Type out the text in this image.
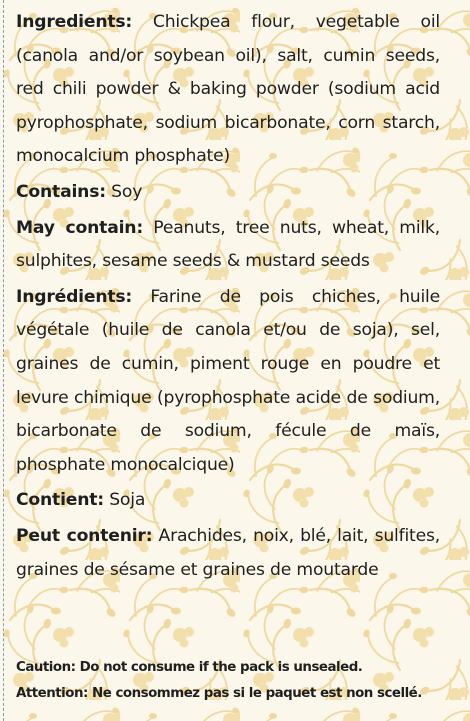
Ingredients: Chickpea flour, vegetable oil (canola and/or soybean oil), salt, cumin seeds, red chili powder & baking powder (sodium acid pyrophosphate, sodium bicarbonate, corn starch, monocalcium phosphate)

Contains: Soy

May contain: Peanuts, tree nuts, wheat, milk, sulphites, sesame seeds & mustard seeds

Ingrédients: Farine de pois chiches, huile végétale (huile de canola et/ou de soja), sel, graines de cumin, piment rouge en poudre et levure chimique (pyrophosphate acide de sodium, bicarbonate de sodium, fécule de maïs, phosphate monocalcique)

Contient: Soja

Peut contenir: Arachides, noix, blé, lait, sulfites, graines de sésame et graines de moutarde

Caution: Do not consume if the pack is unsealed.

Attention: Ne consommez pas si le paquet est non scellé.
